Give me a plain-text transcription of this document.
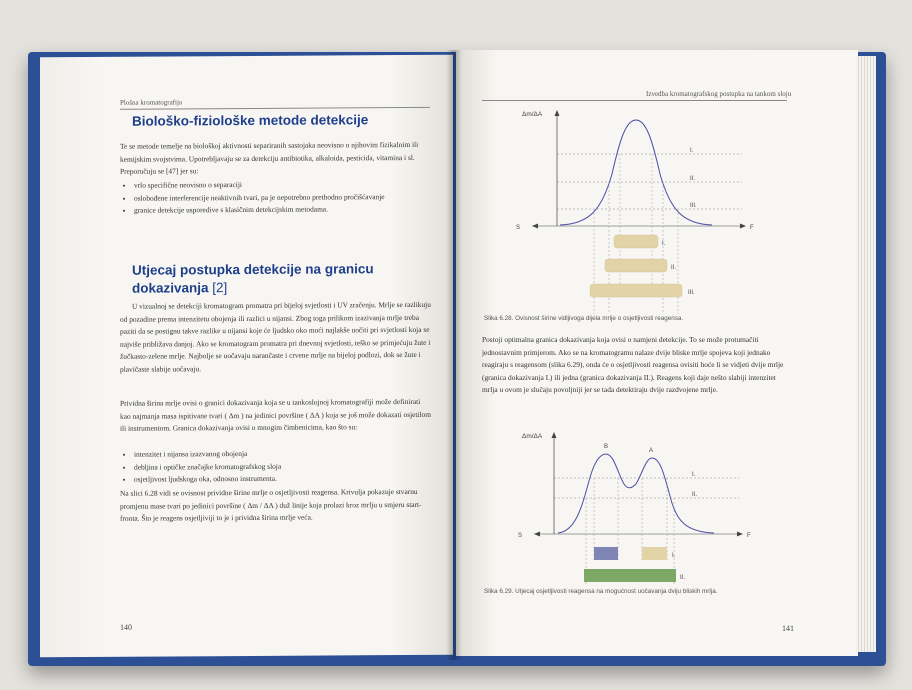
Plošna kromatografija
Biološko-fiziološke metode detekcije

Te se metode temelje na biološkoj aktivnosti separiranih sastojaka neovisno o njihovim fizikalnim ili kemijskim svojstvima. Upotrebljavaju se za detekciju antibiotika, alkaloida, pesticida, vitamina i sl. Preporučuju se [47] jer su:

• vrlo specifične neovisno o separaciji
• oslobođene interferencije neaktivnih tvari, pa je nepotrebno prethodno pročišćavanje
• granice detekcije usporedive s klasičnim detekcijskim metodama.
Utjecaj postupka detekcije na granicu
dokazivanja [2]

U vizualnoj se detekciji kromatogram promatra pri bijeloj svjetlosti i UV zračenju. Mrlje se razlikuju od pozadine prema intenzitetu obojenja ili razlici u nijansi. Zbog toga prilikom izazivanja mrlje treba paziti da se postignu takve razlike u nijansi koje će ljudsko oko moći najlakše uočiti pri svjetlosti koja se najviše približava danjoj. Ako se kromatogram promatra pri dnevnoj svjetlosti, teško se primjećuju žute i žučkasto-zelene mrlje. Najbolje se uočavaju narančaste i crvene mrlje na bijeloj podlozi, dok se žute i plavičaste slabije uočavaju.

Prividna širina mrlje ovisi o granici dokazivanja koja se u tankoslojnoj kromatografiji može definirati kao najmanja masa ispitivane tvari ( Δm ) na jedinici površine ( ΔA ) koja se još može dokazati osjetilom ili instrumentom. Granica dokazivanja ovisi o mnogim čimbenicima, kao što su:

• intenzitet i nijansa izazvanog obojenja
• debljina i optičke značajke kromatografskog sloja
• osjetljivost ljudskoga oka, odnosno instrumenta.

Na slici 6.28 vidi se ovisnost prividne širine mrlje o osjetljivosti reagensa. Krivulja pokazuje stvarnu promjenu mase tvari po jedinici površine ( Δm / ΔA ) duž linije koja prolazi kroz mrlju u smjeru start-fronta. Što je reagens osjetljiviji to je i prividna širina mrlje veća.

140
Izvedba kromatografskog postupka na tankom sloju
Δm/ΔA
S	F
I.
II.
III.
I.
II.
III.
Slika 6.28. Ovisnost širine vidljivoga dijela mrlje o osjetljivosti reagensa.

Postoji optimalna granica dokazivanja koja ovisi o namjeni detekcije. To se može protumačiti jednostavnim primjerom. Ako se na kromatogramu nalaze dvije bliske mrlje spojeva koji jednako reagiraju s reagensom (slika 6.29), onda će o osjetljivosti reagensa ovisiti hoće li se vidjeti dvije mrlje (granica dokazivanja I.) ili jedna (granica dokazivanja II.). Reagens koji daje nešto slabiji intenzitet mrlja u ovom je slučaju povoljniji jer se tada detektiraju dvije razdvojene mrlje.

Δm/ΔA
S	F
I.
II.
B
A
I.
II.
Slika 6.29. Utjecaj osjetljivosti reagensa na mogućnost uočavanja dviju bliskih mrlja.
141
